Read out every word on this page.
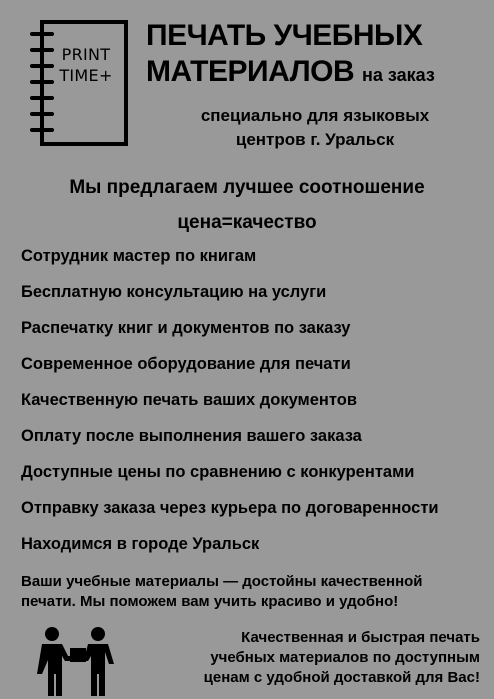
PRINT
TIME+
ПЕЧАТЬ УЧЕБНЫХ
МАТЕРИАЛОВ на заказ
специально для языковых
центров г. Уральск
Мы предлагаем лучшее соотношение
цена=качество
Сотрудник мастер по книгам
Бесплатную консультацию на услуги
Распечатку книг и документов по заказу
Современное оборудование для печати
Качественную печать ваших документов
Оплату после выполнения вашего заказа
Доступные цены по сравнению с конкурентами
Отправку заказа через курьера по договаренности
Находимся в городе Уральск
Ваши учебные материалы — достойны качественной
печати. Мы поможем вам учить красиво и удобно!
Качественная и быстрая печать
учебных материалов по доступным
ценам с удобной доставкой для Вас!
